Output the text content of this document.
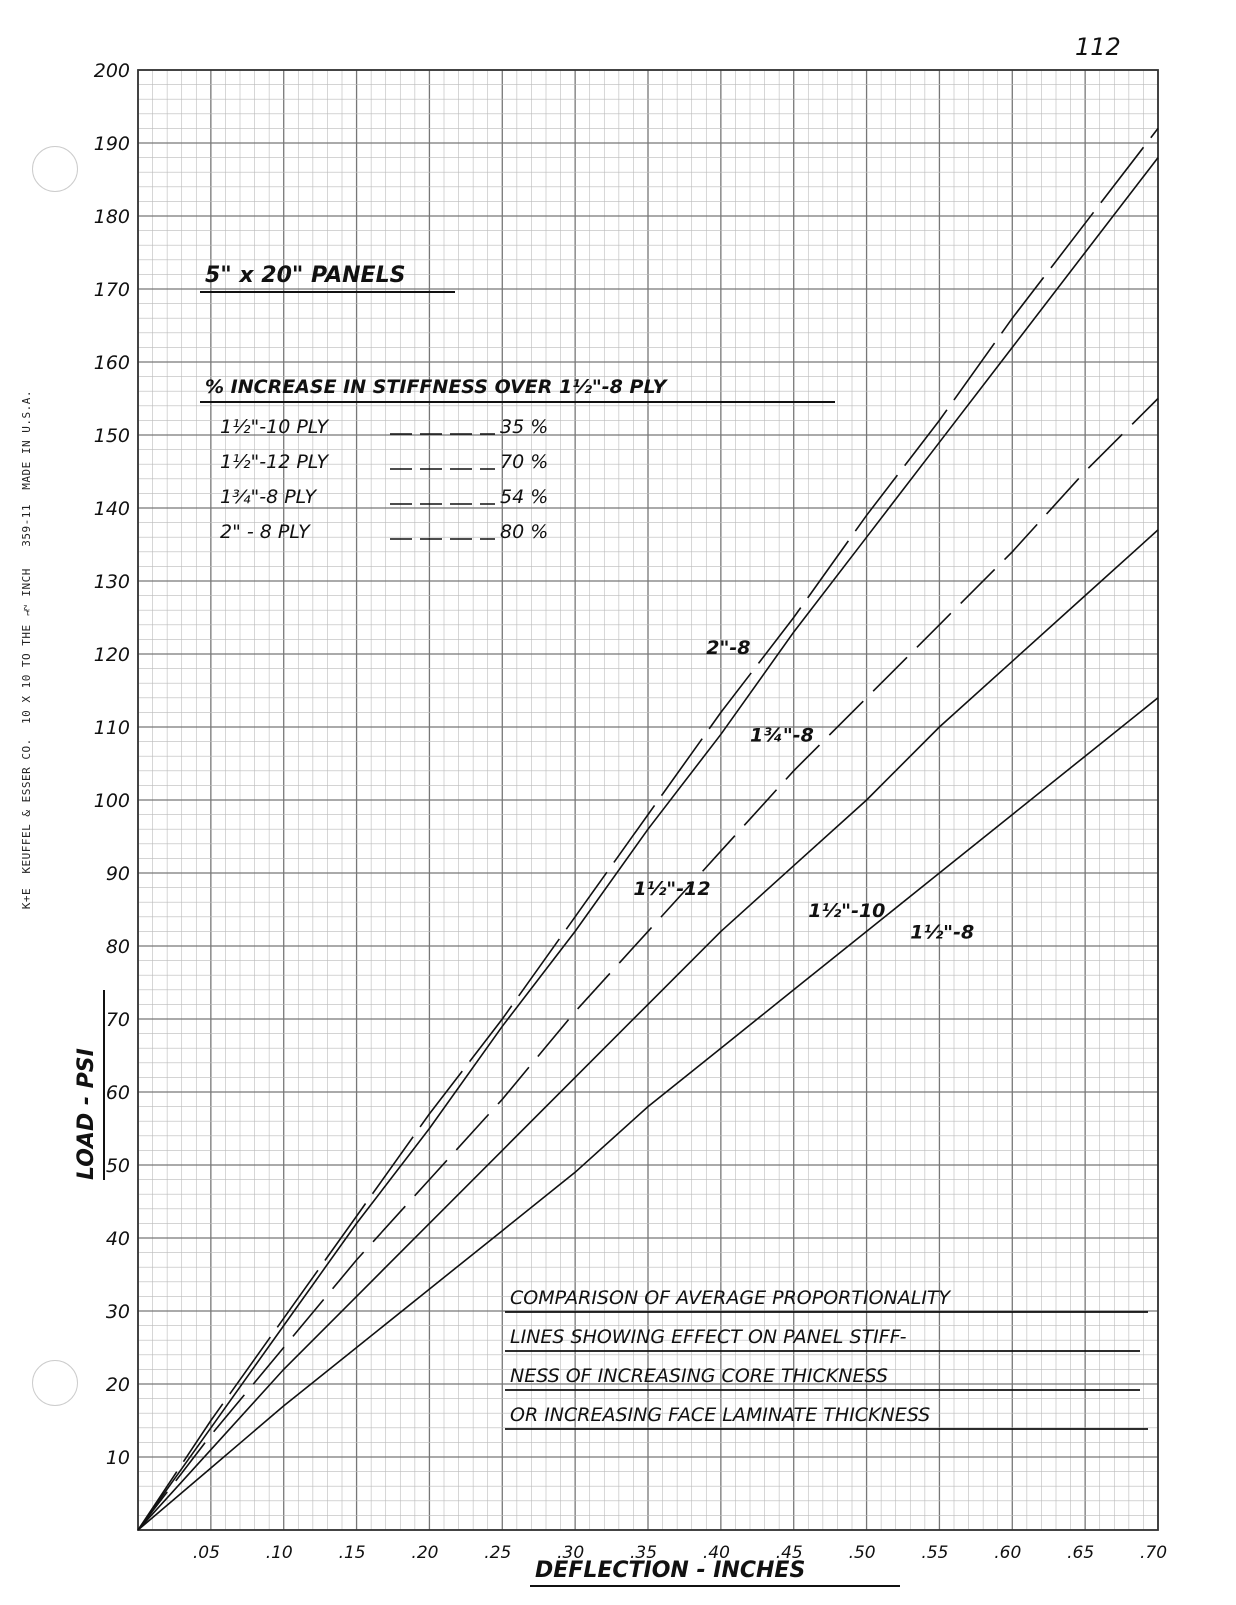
K+E  KEUFFEL & ESSER CO.  10 X 10 TO THE ½ INCH   359-11  MADE IN U.S.A.
.05	.10	.15	.20	.25	.30	.35	.40	.45	.50	.55	.60	.65	.70
10
20
30
40
50
60
70
80
90
100
110
120
130
140
150
160
170
180
190
200
2"-8
1¾"-8
1½"-12
1½"-10
1½"-8
112
5" x 20" PANELS
% INCREASE IN STIFFNESS OVER 1½"-8 PLY
1½"-10 PLY	35 %
1½"-12 PLY	70 %
1¾"-8 PLY	54 %
2" - 8 PLY	80 %
COMPARISON OF AVERAGE PROPORTIONALITY
LINES SHOWING EFFECT ON PANEL STIFF-
NESS OF INCREASING CORE THICKNESS
OR INCREASING FACE LAMINATE THICKNESS
DEFLECTION - INCHES
LOAD - PSI
